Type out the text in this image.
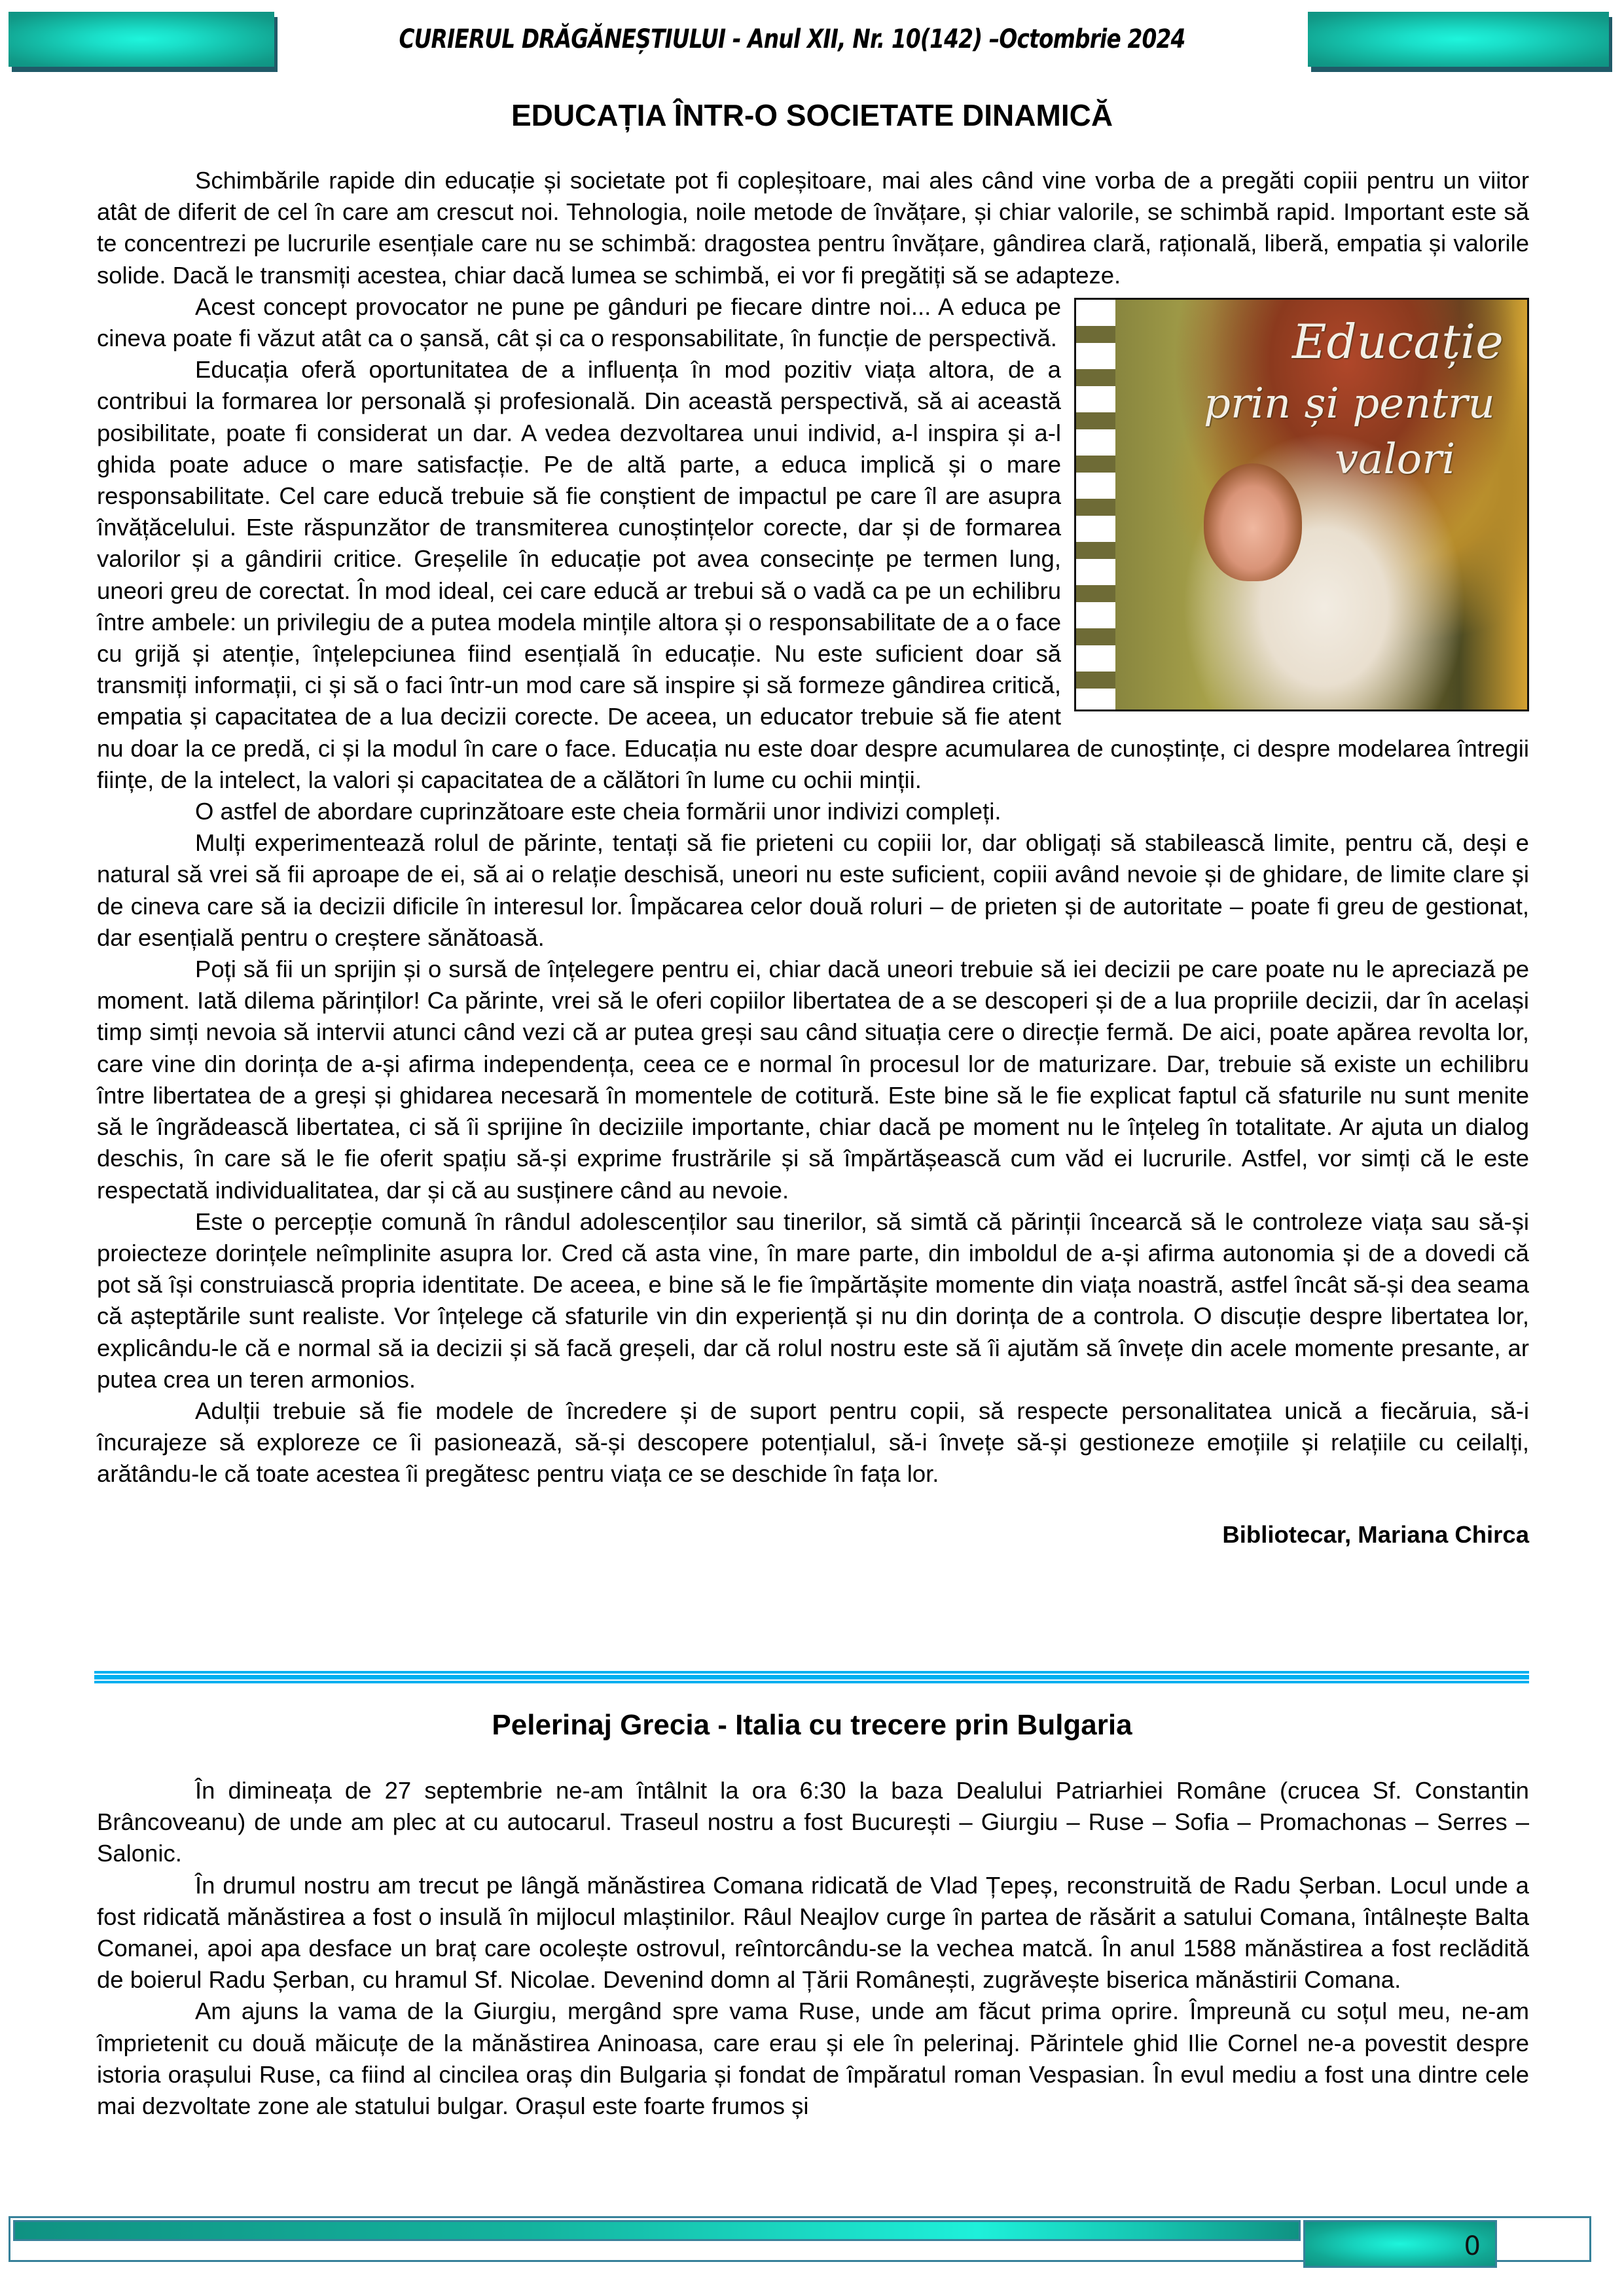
CURIERUL DRĂGĂNEȘTIULUI - Anul XII, Nr. 10(142) –Octombrie 2024
EDUCAȚIA ÎNTR-O SOCIETATE DINAMICĂ

Schimbările rapide din educație și societate pot fi copleșitoare, mai ales când vine vorba de a pregăti copiii pentru un viitor atât de diferit de cel în care am crescut noi. Tehnologia, noile metode de învățare, și chiar valorile, se schimbă rapid. Important este să te concentrezi pe lucrurile esențiale care nu se schimbă: dragostea pentru învățare, gândirea clară, rațională, liberă, empatia și valorile solide. Dacă le transmiți acestea, chiar dacă lumea se schimbă, ei vor fi pregătiți să se adapteze.

Educație
prin și pentru
valori

Acest concept provocator ne pune pe gânduri pe fiecare dintre noi... A educa pe cineva poate fi văzut atât ca o șansă, cât și ca o responsabilitate, în funcție de perspectivă.

Educația oferă oportunitatea de a influența în mod pozitiv viața altora, de a contribui la formarea lor personală și profesională. Din această perspectivă, să ai această posibilitate, poate fi considerat un dar. A vedea dezvoltarea unui individ, a-l inspira și a-l ghida poate aduce o mare satisfacție. Pe de altă parte, a educa implică și o mare responsabilitate. Cel care educă trebuie să fie conștient de impactul pe care îl are asupra învățăcelului. Este răspunzător de transmiterea cunoștințelor corecte, dar și de formarea valorilor și a gândirii critice. Greșelile în educație pot avea consecințe pe termen lung, uneori greu de corectat. În mod ideal, cei care educă ar trebui să o vadă ca pe un echilibru între ambele: un privilegiu de a putea modela mințile altora și o responsabilitate de a o face cu grijă și atenție, înțelepciunea fiind esențială în educație. Nu este suficient doar să transmiți informații, ci și să o faci într-un mod care să inspire și să formeze gândirea critică, empatia și capacitatea de a lua decizii corecte. De aceea, un educator trebuie să fie atent nu doar la ce predă, ci și la modul în care o face. Educația nu este doar despre acumularea de cunoștințe, ci despre modelarea întregii ființe, de la intelect, la valori și capacitatea de a călători în lume cu ochii minții.

O astfel de abordare cuprinzătoare este cheia formării unor indivizi compleți.

Mulți experimentează rolul de părinte, tentați să fie prieteni cu copiii lor, dar obligați să stabilească limite, pentru că, deși e natural să vrei să fii aproape de ei, să ai o relație deschisă, uneori nu este suficient, copiii având nevoie și de ghidare, de limite clare și de cineva care să ia decizii dificile în interesul lor. Împăcarea celor două roluri – de prieten și de autoritate – poate fi greu de gestionat, dar esențială pentru o creștere sănătoasă.

Poți să fii un sprijin și o sursă de înțelegere pentru ei, chiar dacă uneori trebuie să iei decizii pe care poate nu le apreciază pe moment. Iată dilema părinților! Ca părinte, vrei să le oferi copiilor libertatea de a se descoperi și de a lua propriile decizii, dar în același timp simți nevoia să intervii atunci când vezi că ar putea greși sau când situația cere o direcție fermă. De aici, poate apărea revolta lor, care vine din dorința de a-și afirma independența, ceea ce e normal în procesul lor de maturizare. Dar, trebuie să existe un echilibru între libertatea de a greși și ghidarea necesară în momentele de cotitură. Este bine să le fie explicat faptul că sfaturile nu sunt menite să le îngrădească libertatea, ci să îi sprijine în deciziile importante, chiar dacă pe moment nu le înțeleg în totalitate. Ar ajuta un dialog deschis, în care să le fie oferit spațiu să-și exprime frustrările și să împărtășească cum văd ei lucrurile. Astfel, vor simți că le este respectată individualitatea, dar și că au susținere când au nevoie.

Este o percepție comună în rândul adolescenților sau tinerilor, să simtă că părinții încearcă să le controleze viața sau să-și proiecteze dorințele neîmplinite asupra lor. Cred că asta vine, în mare parte, din imboldul de a-și afirma autonomia și de a dovedi că pot să își construiască propria identitate. De aceea, e bine să le fie împărtășite momente din viața noastră, astfel încât să-și dea seama că așteptările sunt realiste. Vor înțelege că sfaturile vin din experiență și nu din dorința de a controla. O discuție despre libertatea lor, explicându-le că e normal să ia decizii și să facă greșeli, dar că rolul nostru este să îi ajutăm să învețe din acele momente presante, ar putea crea un teren armonios.

Adulții trebuie să fie modele de încredere și de suport pentru copii, să respecte personalitatea unică a fiecăruia, să-i încurajeze să exploreze ce îi pasionează, să-și descopere potențialul, să-i învețe să-și gestioneze emoțiile și relațiile cu ceilalți, arătându-le că toate acestea îi pregătesc pentru viața ce se deschide în fața lor.

Bibliotecar, Mariana Chirca

Pelerinaj Grecia - Italia cu trecere prin Bulgaria

În dimineața de 27 septembrie ne-am întâlnit la ora 6:30 la baza Dealului Patriarhiei Române (crucea Sf. Constantin Brâncoveanu) de unde am plec at cu autocarul. Traseul nostru a fost București – Giurgiu – Ruse – Sofia – Promachonas – Serres – Salonic.

În drumul nostru am trecut pe lângă mănăstirea Comana ridicată de Vlad Țepeș, reconstruită de Radu Șerban. Locul unde a fost ridicată mănăstirea a fost o insulă în mijlocul mlaștinilor. Râul Neajlov curge în partea de răsărit a satului Comana, întâlnește Balta Comanei, apoi apa desface un braț care ocolește ostrovul, reîntorcându-se la vechea matcă. În anul 1588 mănăstirea a fost reclădită de boierul Radu Șerban, cu hramul Sf. Nicolae. Devenind domn al Țării Românești, zugrăvește biserica mănăstirii Comana.

Am ajuns la vama de la Giurgiu, mergând spre vama Ruse, unde am făcut prima oprire. Împreună cu soțul meu, ne-am împrietenit cu două măicuțe de la mănăstirea Aninoasa, care erau și ele în pelerinaj. Părintele ghid Ilie Cornel ne-a povestit despre istoria orașului Ruse, ca fiind al cincilea oraș din Bulgaria și fondat de împăratul roman Vespasian. În evul mediu a fost una dintre cele mai dezvoltate zone ale statului bulgar. Orașul este foarte frumos și

0
